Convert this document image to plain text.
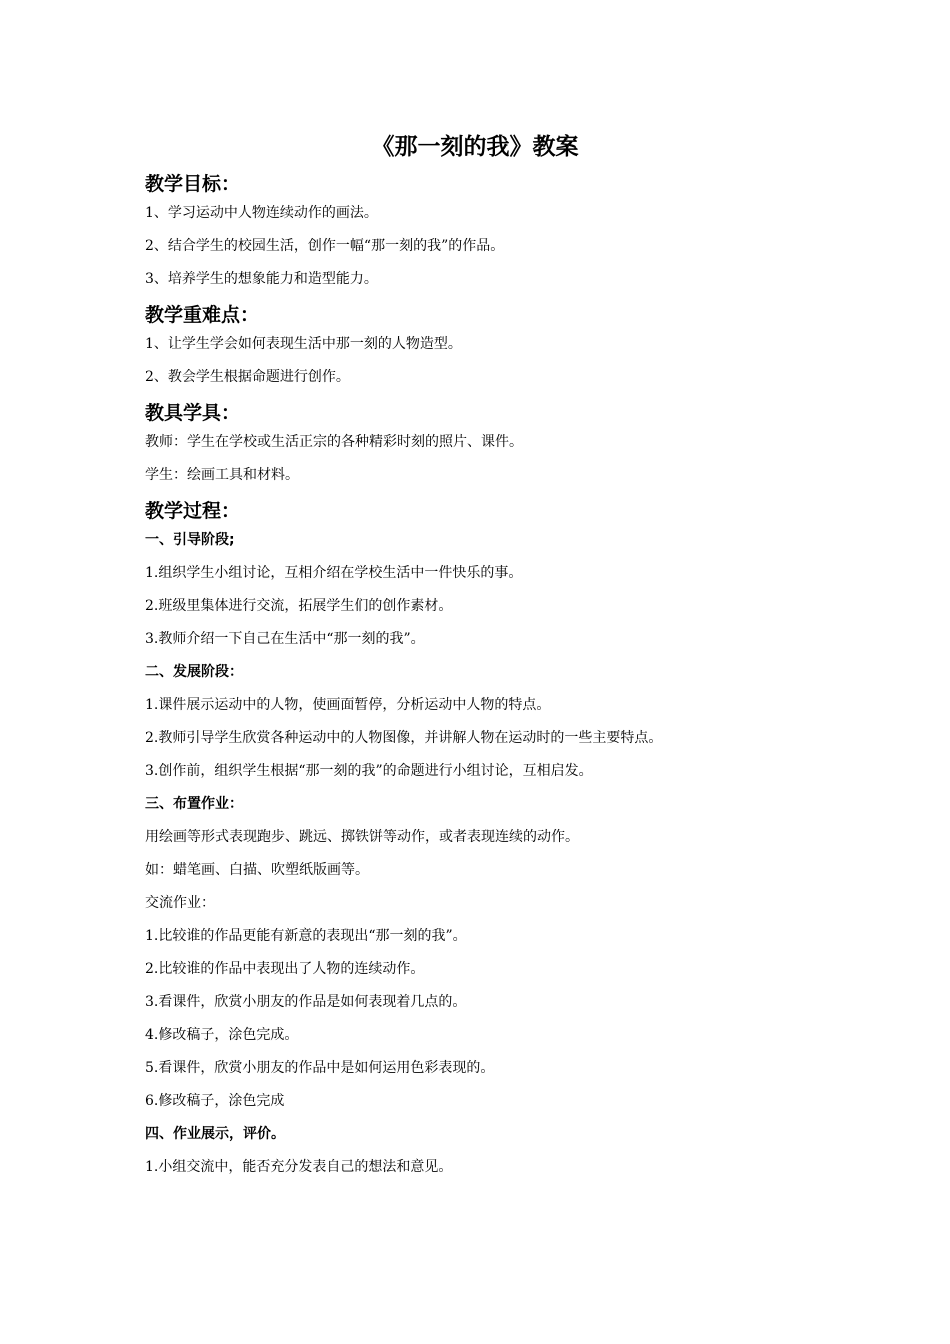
《那一刻的我》教案
教学目标：
1、学习运动中人物连续动作的画法。
2、结合学生的校园生活，创作一幅“那一刻的我”的作品。
3、培养学生的想象能力和造型能力。
教学重难点：
1、让学生学会如何表现生活中那一刻的人物造型。
2、教会学生根据命题进行创作。
教具学具：
教师：学生在学校或生活正宗的各种精彩时刻的照片、课件。
学生：绘画工具和材料。
教学过程：
一、引导阶段;
1.组织学生小组讨论，互相介绍在学校生活中一件快乐的事。
2.班级里集体进行交流，拓展学生们的创作素材。
3.教师介绍一下自己在生活中“那一刻的我”。
二、发展阶段：
1.课件展示运动中的人物，使画面暂停，分析运动中人物的特点。
2.教师引导学生欣赏各种运动中的人物图像，并讲解人物在运动时的一些主要特点。
3.创作前，组织学生根据“那一刻的我”的命题进行小组讨论，互相启发。
三、布置作业：
用绘画等形式表现跑步、跳远、掷铁饼等动作，或者表现连续的动作。
如：蜡笔画、白描、吹塑纸版画等。
交流作业：
1.比较谁的作品更能有新意的表现出“那一刻的我”。
2.比较谁的作品中表现出了人物的连续动作。
3.看课件，欣赏小朋友的作品是如何表现着几点的。
4.修改稿子，涂色完成。
5.看课件，欣赏小朋友的作品中是如何运用色彩表现的。
6.修改稿子，涂色完成
四、作业展示，评价。
1.小组交流中，能否充分发表自己的想法和意见。
